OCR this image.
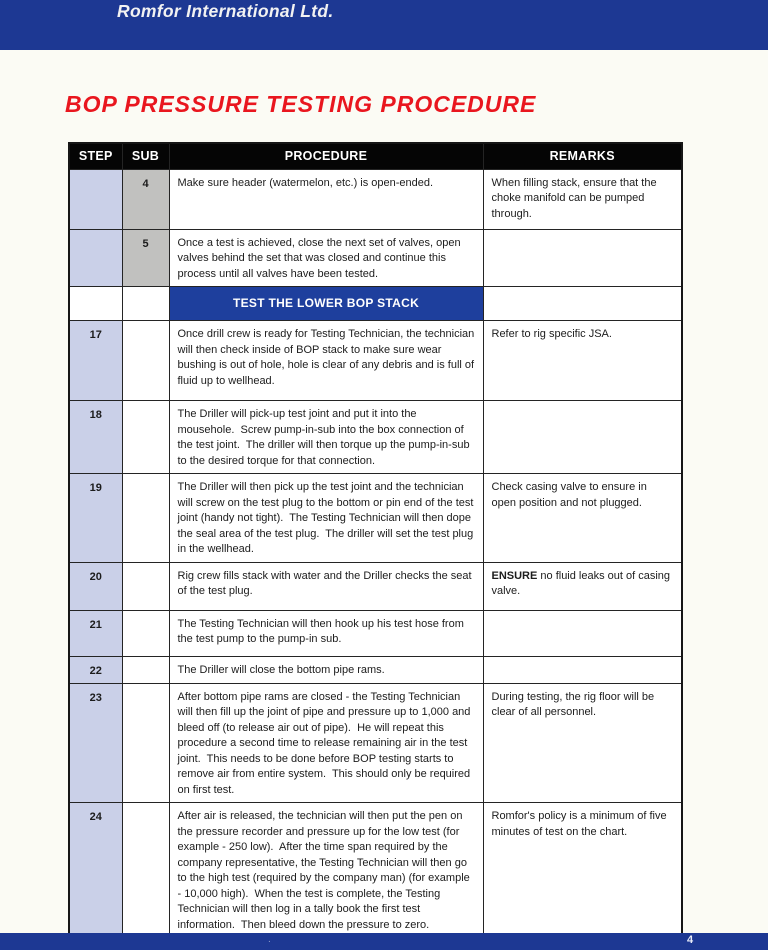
Romfor International Ltd.
BOP PRESSURE TESTING PROCEDURE
STEP	SUB	PROCEDURE	REMARKS
	4	Make sure header (watermelon, etc.) is open-ended.	When filling stack, ensure that the choke manifold can be pumped through.
	5	Once a test is achieved, close the next set of valves, open valves behind the set that was closed and continue this process until all valves have been tested.	
		TEST THE LOWER BOP STACK	
17		Once drill crew is ready for Testing Technician, the technician will then check inside of BOP stack to make sure wear bushing is out of hole, hole is clear of any debris and is full of fluid up to wellhead.	Refer to rig specific JSA.
18		The Driller will pick-up test joint and put it into the mousehole.  Screw pump-in-sub into the box connection of the test joint.  The driller will then torque up the pump-in-sub to the desired torque for that connection.	
19		The Driller will then pick up the test joint and the technician will screw on the test plug to the bottom or pin end of the test joint (handy not tight).  The Testing Technician will then dope the seal area of the test plug.  The driller will set the test plug in the wellhead.	Check casing valve to ensure in open position and not plugged.
20		Rig crew fills stack with water and the Driller checks the seat of the test plug.	ENSURE no fluid leaks out of casing valve.
21		The Testing Technician will then hook up his test hose from the test pump to the pump-in sub.	
22		The Driller will close the bottom pipe rams.	
23		After bottom pipe rams are closed - the Testing Technician will then fill up the joint of pipe and pressure up to 1,000 and bleed off (to release air out of pipe).  He will repeat this procedure a second time to release remaining air in the test joint.  This needs to be done before BOP testing starts to remove air from entire system.  This should only be required on first test.	During testing, the rig floor will be clear of all personnel.
24		After air is released, the technician will then put the pen on the pressure recorder and pressure up for the low test (for example - 250 low).  After the time span required by the company representative, the Testing Technician will then go to the high test (required by the company man) (for example - 10,000 high).  When the test is complete, the Testing Technician will then log in a tally book the first test information.  Then bleed down the pressure to zero.	Romfor's policy is a minimum of five minutes of test on the chart.
.	4
